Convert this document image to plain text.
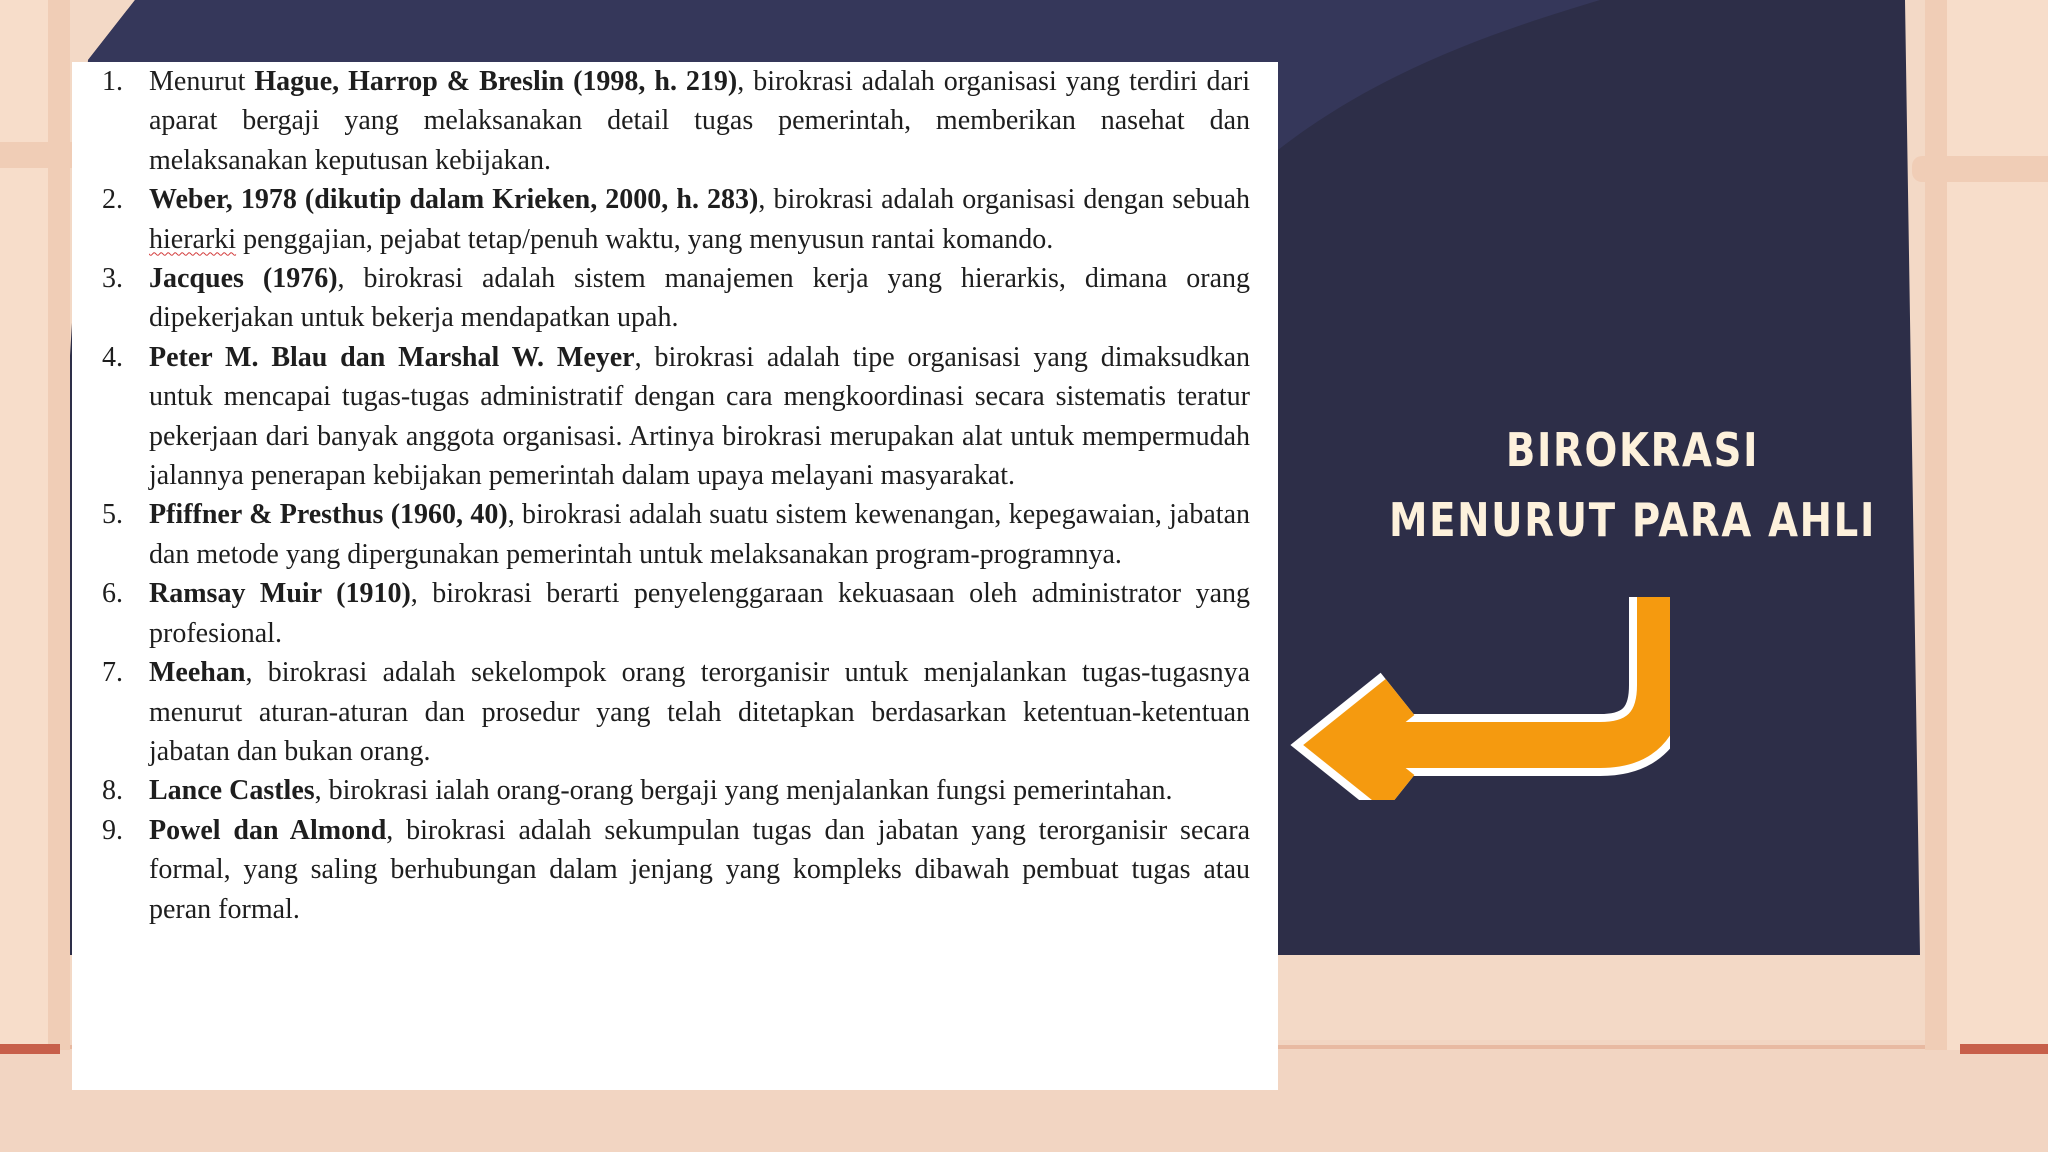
1. Menurut Hague, Harrop & Breslin (1998, h. 219), birokrasi adalah organisasi yang terdiri dari aparat bergaji yang melaksanakan detail tugas pemerintah, memberikan nasehat dan melaksanakan keputusan kebijakan.
2. Weber, 1978 (dikutip dalam Krieken, 2000, h. 283), birokrasi adalah organisasi dengan sebuah hierarki penggajian, pejabat tetap/penuh waktu, yang menyusun rantai komando.
3. Jacques (1976), birokrasi adalah sistem manajemen kerja yang hierarkis, dimana orang dipekerjakan untuk bekerja mendapatkan upah.
4. Peter M. Blau dan Marshal W. Meyer, birokrasi adalah tipe organisasi yang dimaksudkan untuk mencapai tugas-tugas administratif dengan cara mengkoordinasi secara sistematis teratur pekerjaan dari banyak anggota organisasi. Artinya birokrasi merupakan alat untuk mempermudah jalannya penerapan kebijakan pemerintah dalam upaya melayani masyarakat.
5. Pfiffner & Presthus (1960, 40), birokrasi adalah suatu sistem kewenangan, kepegawaian, jabatan dan metode yang dipergunakan pemerintah untuk melaksanakan program-programnya.
6. Ramsay Muir (1910), birokrasi berarti penyelenggaraan kekuasaan oleh administrator yang profesional.
7. Meehan, birokrasi adalah sekelompok orang terorganisir untuk menjalankan tugas-tugasnya menurut aturan-aturan dan prosedur yang telah ditetapkan berdasarkan ketentuan-ketentuan jabatan dan bukan orang.
8. Lance Castles, birokrasi ialah orang-orang bergaji yang menjalankan fungsi pemerintahan.
9. Powel dan Almond, birokrasi adalah sekumpulan tugas dan jabatan yang terorganisir secara formal, yang saling berhubungan dalam jenjang yang kompleks dibawah pembuat tugas atau peran formal.
BIROKRASI MENURUT PARA AHLI
